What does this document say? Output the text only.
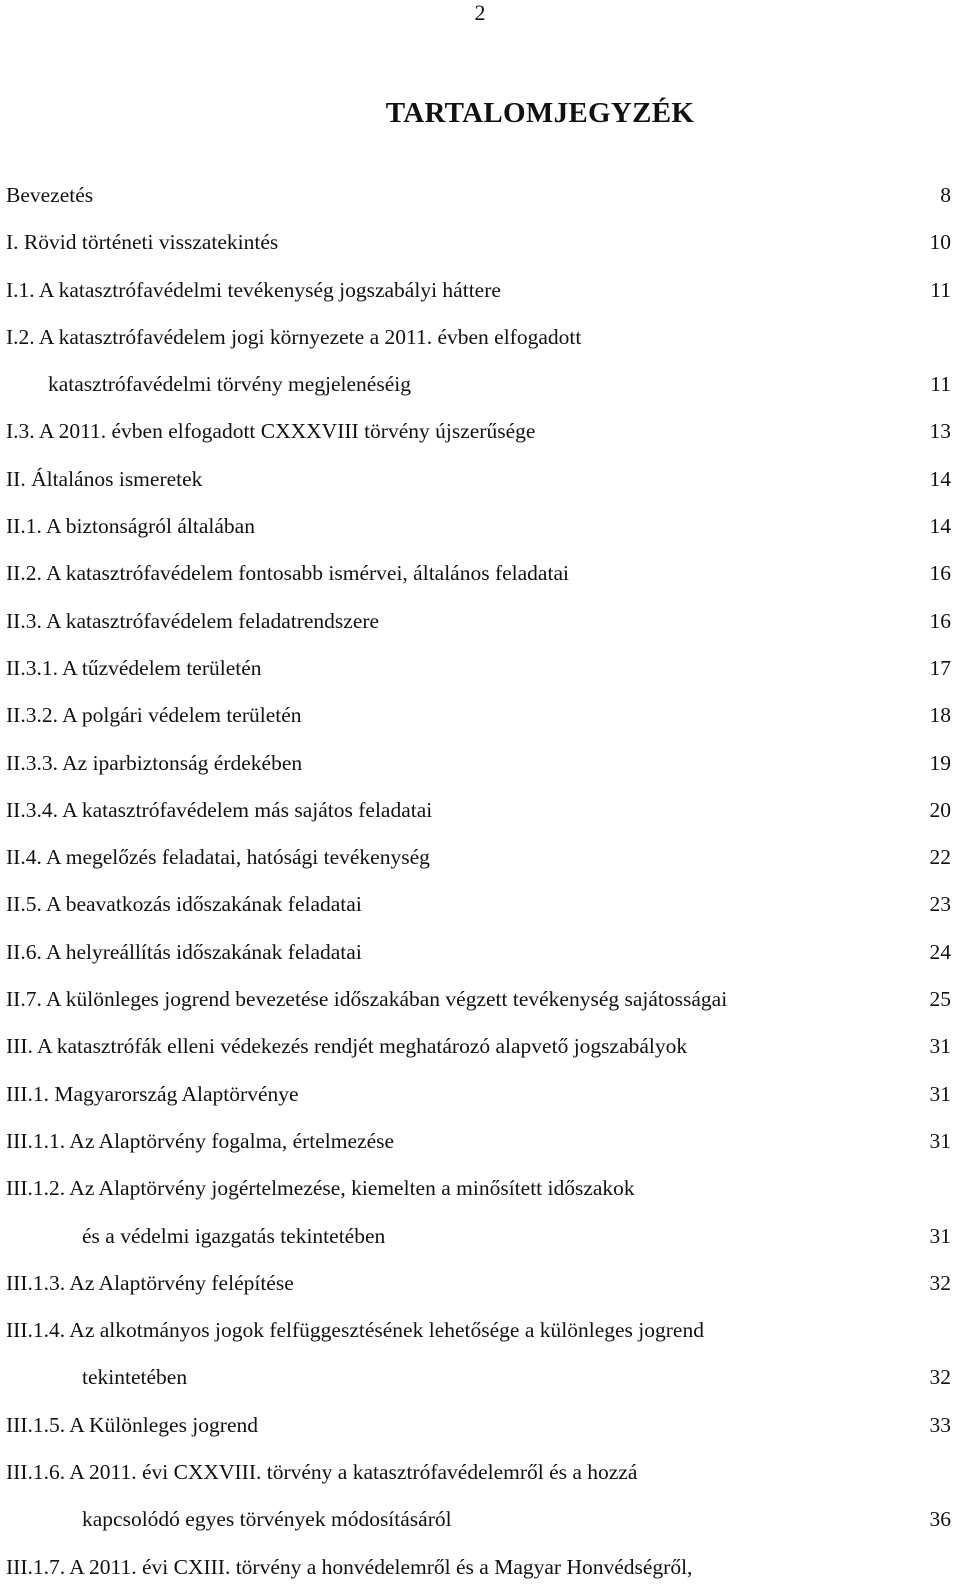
2
TARTALOMJEGYZÉK
Bevezetés	8
I. Rövid történeti visszatekintés	10
I.1. A katasztrófavédelmi tevékenység jogszabályi háttere	11
I.2. A katasztrófavédelem jogi környezete a 2011. évben elfogadott
katasztrófavédelmi törvény megjelenéséig	11
I.3. A 2011. évben elfogadott CXXXVIII törvény újszerűsége	13
II. Általános ismeretek	14
II.1. A biztonságról általában	14
II.2. A katasztrófavédelem fontosabb ismérvei, általános feladatai	16
II.3. A katasztrófavédelem feladatrendszere	16
II.3.1. A tűzvédelem területén	17
II.3.2. A polgári védelem területén	18
II.3.3. Az iparbiztonság érdekében	19
II.3.4. A katasztrófavédelem más sajátos feladatai	20
II.4. A megelőzés feladatai, hatósági tevékenység	22
II.5. A beavatkozás időszakának feladatai	23
II.6. A helyreállítás időszakának feladatai	24
II.7. A különleges jogrend bevezetése időszakában végzett tevékenység sajátosságai	25
III. A katasztrófák elleni védekezés rendjét meghatározó alapvető jogszabályok	31
III.1. Magyarország Alaptörvénye	31
III.1.1. Az Alaptörvény fogalma, értelmezése	31
III.1.2. Az Alaptörvény jogértelmezése, kiemelten a minősített időszakok
és a védelmi igazgatás tekintetében	31
III.1.3. Az Alaptörvény felépítése	32
III.1.4. Az alkotmányos jogok felfüggesztésének lehetősége a különleges jogrend
tekintetében	32
III.1.5. A Különleges jogrend	33
III.1.6. A 2011. évi CXXVIII. törvény a katasztrófavédelemről és a hozzá
kapcsolódó egyes törvények módosításáról	36
III.1.7. A 2011. évi CXIII. törvény a honvédelemről és a Magyar Honvédségről,
